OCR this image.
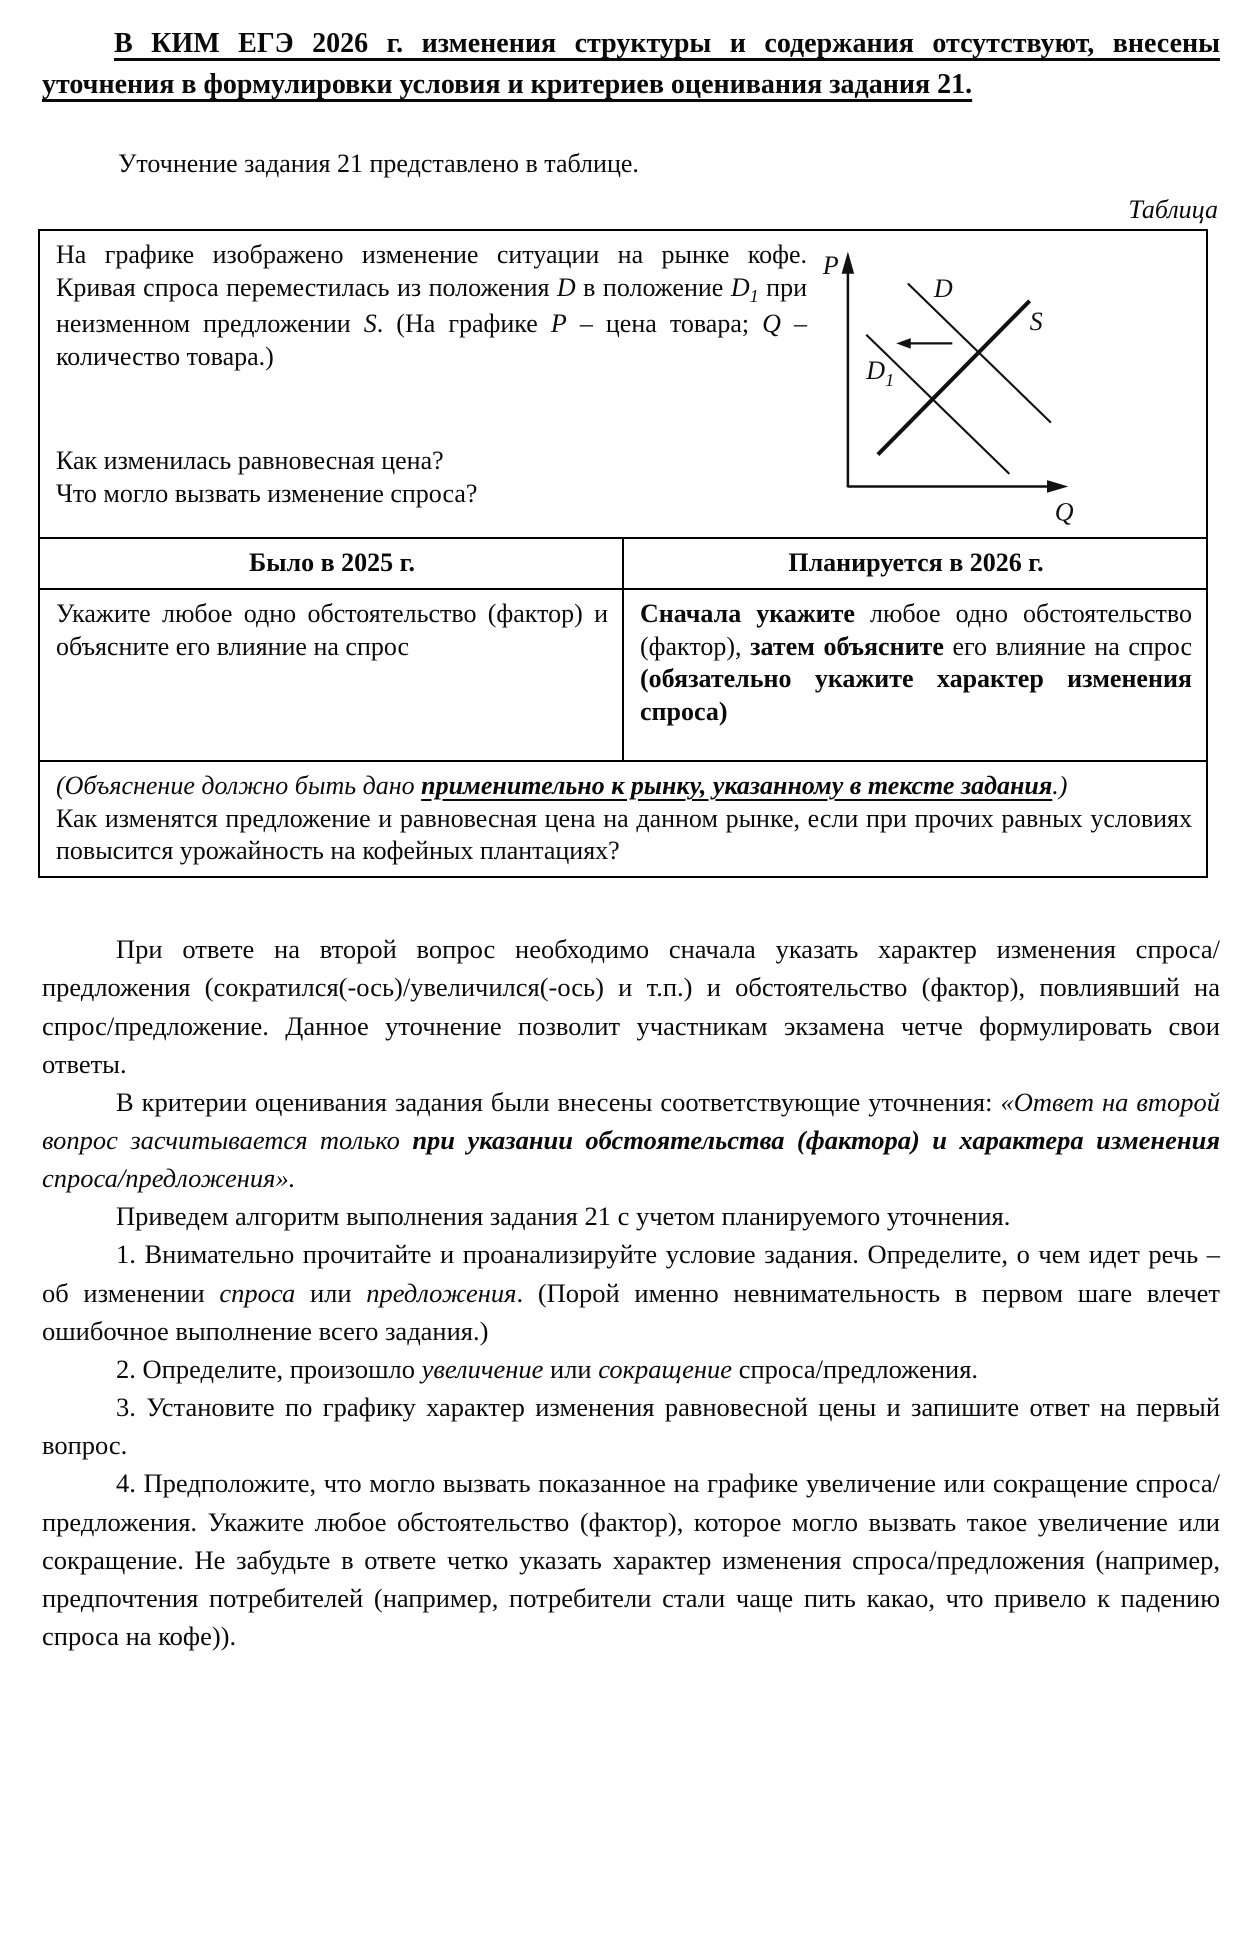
В КИМ ЕГЭ 2026 г. изменения структуры и содержания отсутствуют, внесены уточнения в формулировки условия и критериев оценивания задания 21.
Уточнение задания 21 представлено в таблице.
Таблица
На графике изображено изменение ситуации на рынке кофе. Кривая спроса переместилась из положения D в положение $D_1$ при неизменном предложении S. (На графике P – цена товара; Q – количество товара.)
Как изменилась равновесная цена?
Что могло вызвать изменение спроса?
P
Q
D
$D_1$
S

Было в 2025 г.	Планируется в 2026 г.
Укажите любое одно обстоятельство (фактор) и объясните его влияние на спрос	Сначала укажите любое одно обстоятельство (фактор), затем объясните его влияние на спрос (обязательно укажите характер изменения спроса)

(Объяснение должно быть дано применительно к рынку, указанному в тексте задания.)
Как изменятся предложение и равновесная цена на данном рынке, если при прочих равных условиях повысится урожайность на кофейных плантациях?	

При ответе на второй вопрос необходимо сначала указать характер изменения спроса/предложения (сократился(-ось)/увеличился(-ось) и т.п.) и обстоятельство (фактор), повлиявший на спрос/предложение. Данное уточнение позволит участникам экзамена четче формулировать свои ответы.

В критерии оценивания задания были внесены соответствующие уточнения: «Ответ на второй вопрос засчитывается только при указании обстоятельства (фактора) и характера изменения спроса/предложения».

Приведем алгоритм выполнения задания 21 с учетом планируемого уточнения.

1. Внимательно прочитайте и проанализируйте условие задания. Определите, о чем идет речь – об изменении спроса или предложения. (Порой именно невнимательность в первом шаге влечет ошибочное выполнение всего задания.)

2. Определите, произошло увеличение или сокращение спроса/предложения.

3. Установите по графику характер изменения равновесной цены и запишите ответ на первый вопрос.

4. Предположите, что могло вызвать показанное на графике увеличение или сокращение спроса/предложения. Укажите любое обстоятельство (фактор), которое могло вызвать такое увеличение или сокращение. Не забудьте в ответе четко указать характер изменения спроса/предложения (например, предпочтения потребителей (например, потребители стали чаще пить какао, что привело к падению спроса на кофе)).
